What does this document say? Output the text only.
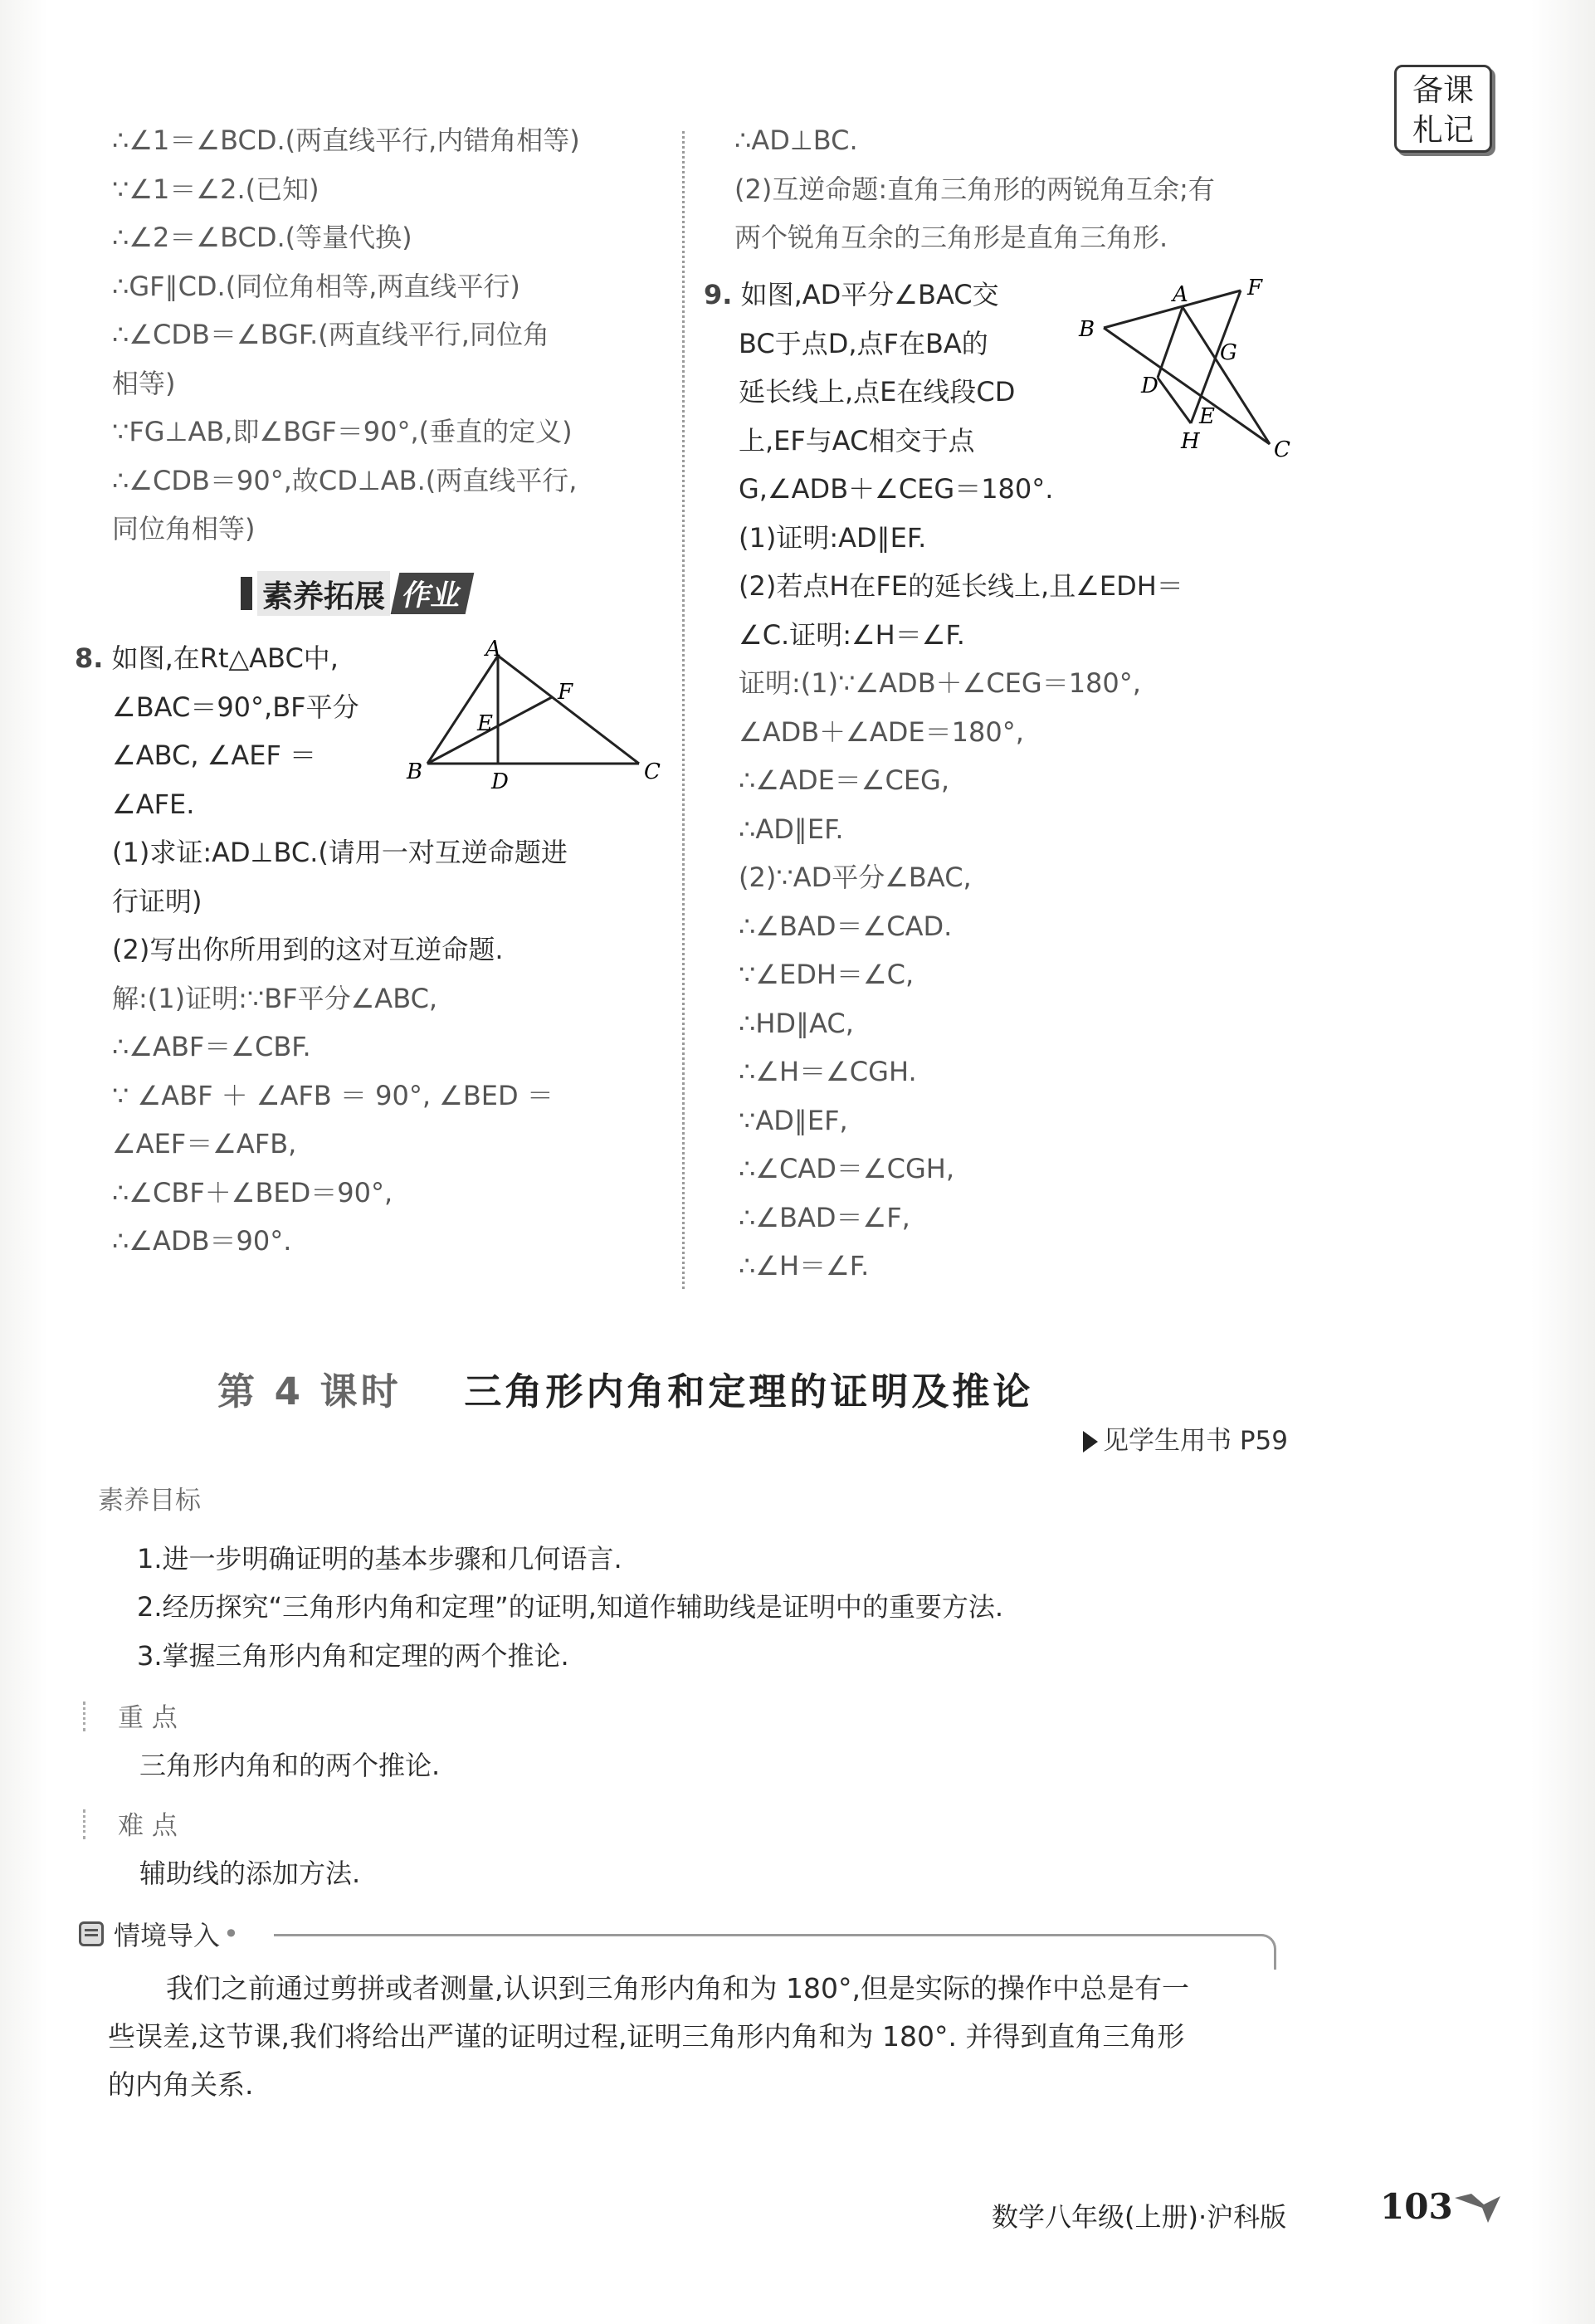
备课
札记
∴∠1＝∠BCD.(两直线平行,内错角相等)
∵∠1＝∠2.(已知)
∴∠2＝∠BCD.(等量代换)
∴GF∥CD.(同位角相等,两直线平行)
∴∠CDB＝∠BGF.(两直线平行,同位角
相等)
∵FG⊥AB,即∠BGF＝90°,(垂直的定义)
∴∠CDB＝90°,故CD⊥AB.(两直线平行,
同位角相等)
素养拓展 作业
8. 如图,在Rt△ABC中,
∠BAC＝90°,BF平分
∠ABC, ∠AEF ＝
∠AFE.
(1)求证:AD⊥BC.(请用一对互逆命题进
行证明)
(2)写出你所用到的这对互逆命题.
解:(1)证明:∵BF平分∠ABC,
∴∠ABF＝∠CBF.
∵ ∠ABF ＋ ∠AFB ＝ 90°, ∠BED ＝
∠AEF＝∠AFB,
∴∠CBF＋∠BED＝90°,
∴∠ADB＝90°.
A
B	C
D
E
F
∴AD⊥BC.
(2)互逆命题:直角三角形的两锐角互余;有
两个锐角互余的三角形是直角三角形.
9. 如图,AD平分∠BAC交
BC于点D,点F在BA的
延长线上,点E在线段CD
上,EF与AC相交于点
G,∠ADB＋∠CEG＝180°.
(1)证明:AD∥EF.
(2)若点H在FE的延长线上,且∠EDH＝
∠C.证明:∠H＝∠F.
证明:(1)∵∠ADB＋∠CEG＝180°,
∠ADB＋∠ADE＝180°,
∴∠ADE＝∠CEG,
∴AD∥EF.
(2)∵AD平分∠BAC,
∴∠BAD＝∠CAD.
∵∠EDH＝∠C,
∴HD∥AC,
∴∠H＝∠CGH.
∵AD∥EF,
∴∠CAD＝∠CGH,
∴∠BAD＝∠F,
∴∠H＝∠F.
A
B
C
D
E
F
G
H
第 4 课时 三角形内角和定理的证明及推论
见学生用书 P59
素养目标
1.进一步明确证明的基本步骤和几何语言.
2.经历探究“三角形内角和定理”的证明,知道作辅助线是证明中的重要方法.
3.掌握三角形内角和定理的两个推论.
重 点
三角形内角和的两个推论.
难 点
辅助线的添加方法.
情境导入 •
我们之前通过剪拼或者测量,认识到三角形内角和为 180°,但是实际的操作中总是有一
些误差,这节课,我们将给出严谨的证明过程,证明三角形内角和为 180°. 并得到直角三角形
的内角关系.
数学八年级(上册)·沪科版	103
